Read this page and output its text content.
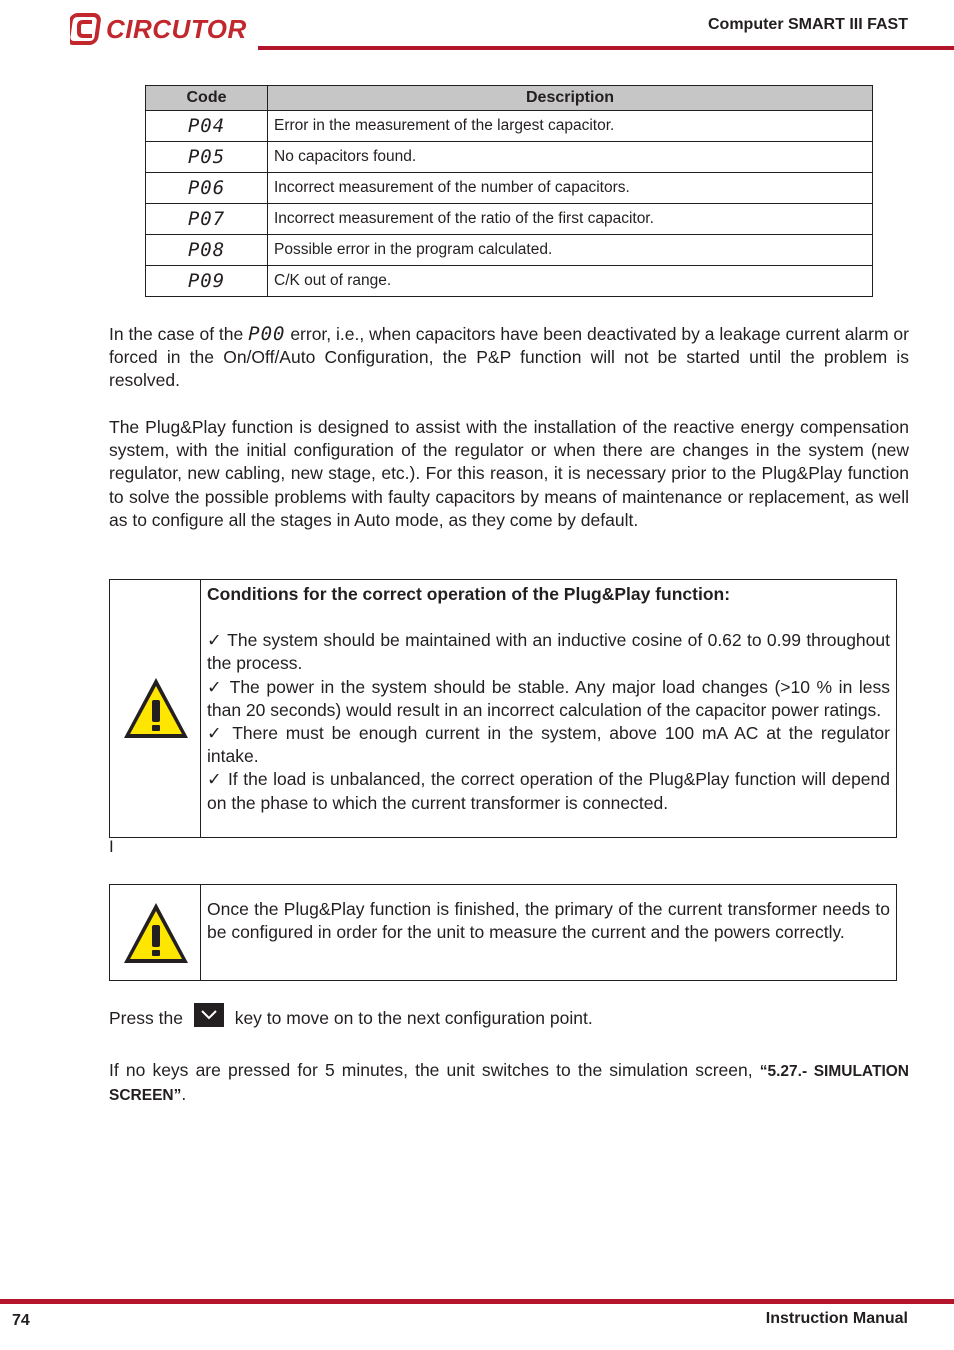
CIRCUTOR	Computer SMART III FAST
Code	Description
P04	Error in the measurement of the largest capacitor.
P05	No capacitors found.
P06	Incorrect measurement of the number of capacitors.
P07	Incorrect measurement of the ratio of the first capacitor.
P08	Possible error in the program calculated.
P09	C/K out of range.
In the case of the P00 error, i.e., when capacitors have been deactivated by a leakage current alarm or forced in the On/Off/Auto Configuration, the P&P function will not be started until the problem is resolved.
The Plug&Play function is designed to assist with the installation of the reactive energy compensation system, with the initial configuration of the regulator or when there are changes in the system (new regulator, new cabling, new stage, etc.). For this reason, it is necessary prior to the Plug&Play function to solve the possible problems with faulty capacitors by means of maintenance or replacement, as well as to configure all the stages in Auto mode, as they come by default.
Conditions for the correct operation of the Plug&Play function:
✓ The system should be maintained with an inductive cosine of 0.62 to 0.99 throughout the process.
✓ The power in the system should be stable. Any major load changes (>10 % in less than 20 seconds) would result in an incorrect calculation of the capacitor power ratings.
✓ There must be enough current in the system, above 100 mA AC at the regulator intake.
✓ If the load is unbalanced, the correct operation of the Plug&Play function will depend on the phase to which the current transformer is connected.
I
Once the Plug&Play function is finished, the primary of the current transformer needs to be configured in order for the unit to measure the current and the powers correctly.
Press the	key to move on to the next configuration point.
If no keys are pressed for 5 minutes, the unit switches to the simulation screen, “5.27.- SIMULATION SCREEN”.
74	Instruction Manual
